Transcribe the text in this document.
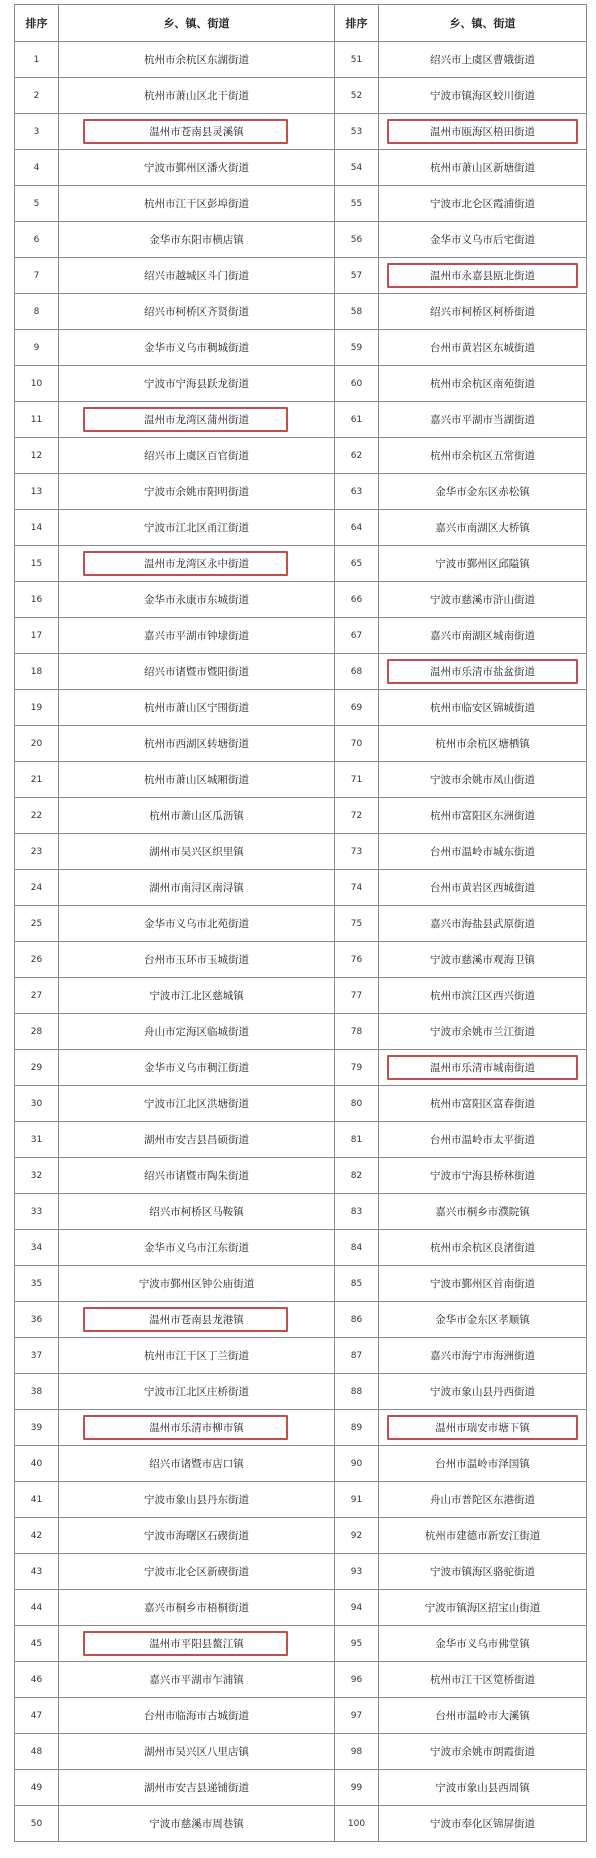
排序	乡、镇、街道	排序	乡、镇、街道
1	杭州市余杭区东湖街道	51	绍兴市上虞区曹娥街道
2	杭州市萧山区北干街道	52	宁波市镇海区蛟川街道
3	温州市苍南县灵溪镇	53	温州市瓯海区梧田街道

4	宁波市鄞州区潘火街道	54	杭州市萧山区新塘街道
5	杭州市江干区彭埠街道	55	宁波市北仑区霞浦街道
6	金华市东阳市横店镇	56	金华市义乌市后宅街道
7	绍兴市越城区斗门街道	57	温州市永嘉县瓯北街道

8	绍兴市柯桥区齐贤街道	58	绍兴市柯桥区柯桥街道
9	金华市义乌市稠城街道	59	台州市黄岩区东城街道
10	宁波市宁海县跃龙街道	60	杭州市余杭区南苑街道
11	温州市龙湾区蒲州街道	61	嘉兴市平湖市当湖街道
12	绍兴市上虞区百官街道	62	杭州市余杭区五常街道
13	宁波市余姚市阳明街道	63	金华市金东区赤松镇
14	宁波市江北区甬江街道	64	嘉兴市南湖区大桥镇
15	温州市龙湾区永中街道	65	宁波市鄞州区邱隘镇
16	金华市永康市东城街道	66	宁波市慈溪市浒山街道
17	嘉兴市平湖市钟埭街道	67	嘉兴市南湖区城南街道
18	绍兴市诸暨市暨阳街道	68	温州市乐清市盐盆街道

19	杭州市萧山区宁围街道	69	杭州市临安区锦城街道
20	杭州市西湖区转塘街道	70	杭州市余杭区塘栖镇
21	杭州市萧山区城厢街道	71	宁波市余姚市凤山街道
22	杭州市萧山区瓜沥镇	72	杭州市富阳区东洲街道
23	湖州市吴兴区织里镇	73	台州市温岭市城东街道
24	湖州市南浔区南浔镇	74	台州市黄岩区西城街道
25	金华市义乌市北苑街道	75	嘉兴市海盐县武原街道
26	台州市玉环市玉城街道	76	宁波市慈溪市观海卫镇
27	宁波市江北区慈城镇	77	杭州市滨江区西兴街道
28	舟山市定海区临城街道	78	宁波市余姚市兰江街道
29	金华市义乌市稠江街道	79	温州市乐清市城南街道

30	宁波市江北区洪塘街道	80	杭州市富阳区富春街道
31	湖州市安吉县昌硕街道	81	台州市温岭市太平街道
32	绍兴市诸暨市陶朱街道	82	宁波市宁海县桥林街道
33	绍兴市柯桥区马鞍镇	83	嘉兴市桐乡市濮院镇
34	金华市义乌市江东街道	84	杭州市余杭区良渚街道
35	宁波市鄞州区钟公庙街道	85	宁波市鄞州区首南街道
36	温州市苍南县龙港镇	86	金华市金东区孝顺镇
37	杭州市江干区丁兰街道	87	嘉兴市海宁市海洲街道
38	宁波市江北区庄桥街道	88	宁波市象山县丹西街道
39	温州市乐清市柳市镇	89	温州市瑞安市塘下镇

40	绍兴市诸暨市店口镇	90	台州市温岭市泽国镇
41	宁波市象山县丹东街道	91	舟山市普陀区东港街道
42	宁波市海曙区石碶街道	92	杭州市建德市新安江街道
43	宁波市北仑区新碶街道	93	宁波市镇海区骆驼街道
44	嘉兴市桐乡市梧桐街道	94	宁波市镇海区招宝山街道
45	温州市平阳县鳌江镇	95	金华市义乌市佛堂镇
46	嘉兴市平湖市乍浦镇	96	杭州市江干区笕桥街道
47	台州市临海市古城街道	97	台州市温岭市大溪镇
48	湖州市吴兴区八里店镇	98	宁波市余姚市朗霞街道
49	湖州市安吉县递铺街道	99	宁波市象山县西周镇
50	宁波市慈溪市周巷镇	100	宁波市奉化区锦屏街道
